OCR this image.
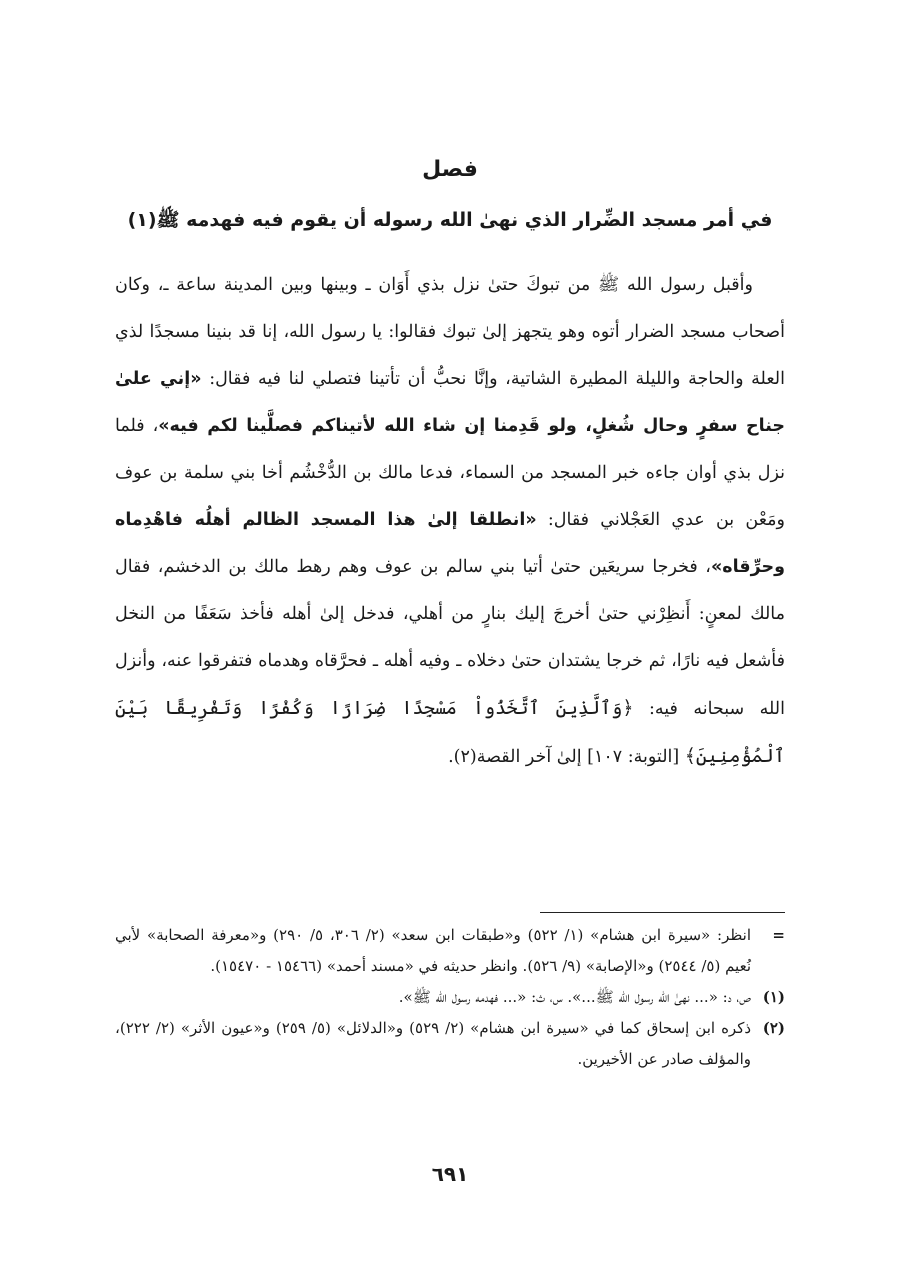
فصل
في أمر مسجد الضِّرار الذي نهىٰ الله رسوله أن يقوم فيه فهدمه ﷺ(١)

وأقبل رسول الله ﷺ من تبوكَ حتىٰ نزل بذي أَوَان ـ وبينها وبين المدينة ساعة ـ، وكان أصحاب مسجد الضرار أتوه وهو يتجهز إلىٰ تبوك فقالوا: يا رسول الله، إنا قد بنينا مسجدًا لذي العلة والحاجة والليلة المطيرة الشاتية، وإنَّا نحبُّ أن تأتينا فتصلي لنا فيه فقال: «إني علىٰ جناح سفرٍ وحال شُغلٍ، ولو قَدِمنا إن شاء الله لأتيناكم فصلَّينا لكم فيه»، فلما نزل بذي أوان جاءه خبر المسجد من السماء، فدعا مالك بن الدُّخْشُم أخا بني سلمة بن عوف ومَعْن بن عدي العَجْلاني فقال: «انطلقا إلىٰ هذا المسجد الظالم أهلُه فاهْدِماه وحرِّقاه»، فخرجا سريعَين حتىٰ أتيا بني سالم بن عوف وهم رهط مالك بن الدخشم، فقال مالك لمعنٍ: أَنظِرْني حتىٰ أخرجَ إليك بنارٍ من أهلي، فدخل إلىٰ أهله فأخذ سَعَفًا من النخل فأشعل فيه نارًا، ثم خرجا يشتدان حتىٰ دخلاه ـ وفيه أهله ـ فحرَّقاه وهدماه فتفرقوا عنه، وأنزل الله سبحانه فيه: ﴿وَٱلَّذِينَ ٱتَّخَذُواْ مَسْجِدًا ضِرَارًا وَكُفْرًا وَتَفْرِيقًا بَيْنَ ٱلْمُؤْمِنِينَ﴾ [التوبة: ١٠٧] إلىٰ آخر القصة(٢).

=
انظر: «سيرة ابن هشام» (١/ ٥٢٢) و«طبقات ابن سعد» (٢/ ٣٠٦، ٥/ ٢٩٠) و«معرفة الصحابة» لأبي نُعيم (٥/ ٢٥٤٤) و«الإصابة» (٩/ ٥٢٦). وانظر حديثه في «مسند أحمد» (١٥٤٦٦ - ١٥٤٧٠).
(١)
ص، د: «... نهىٰ الله رسول الله ﷺ...». س، ث: «... فهدمه رسول الله ﷺ».
(٢)
ذكره ابن إسحاق كما في «سيرة ابن هشام» (٢/ ٥٢٩) و«الدلائل» (٥/ ٢٥٩) و«عيون الأثر» (٢/ ٢٢٢)، والمؤلف صادر عن الأخيرين.
٦٩١
